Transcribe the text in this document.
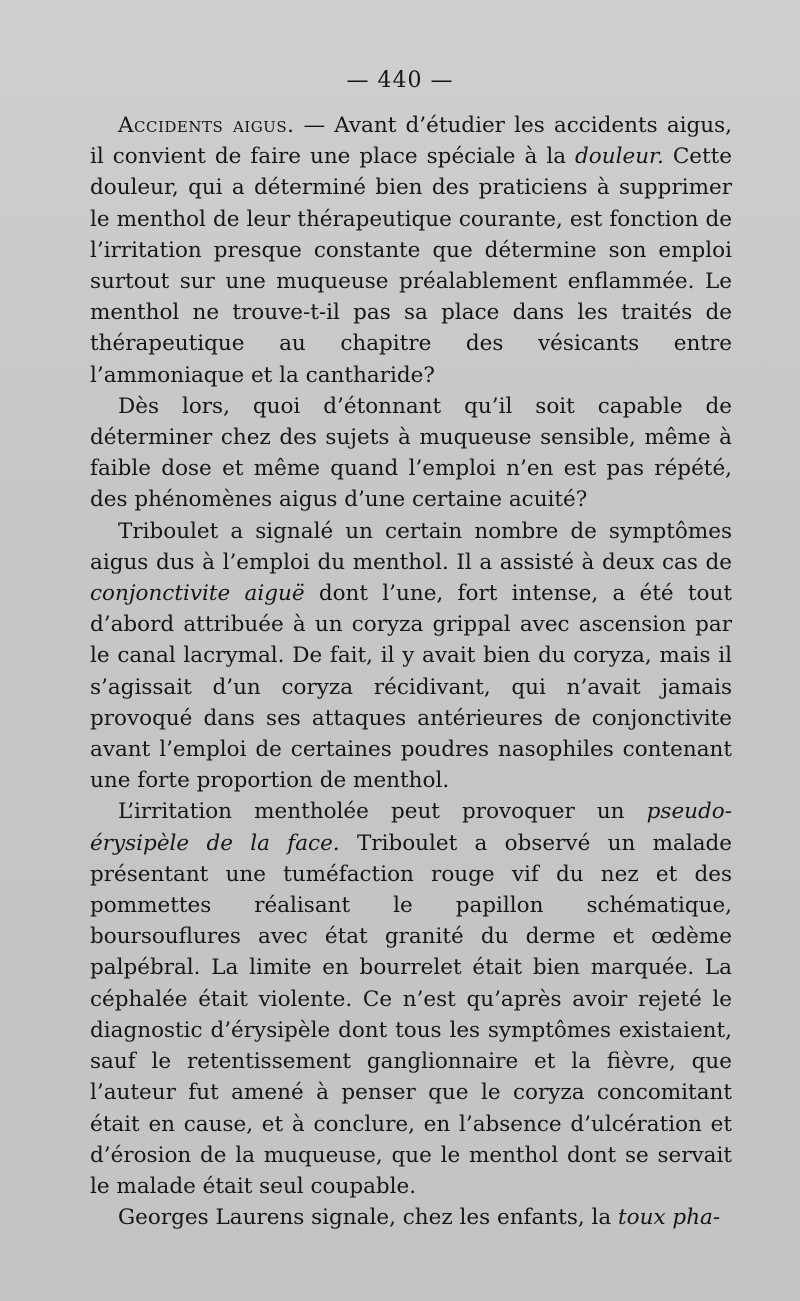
— 440 —

Accidents aigus. — Avant d’étudier les accidents aigus, il convient de faire une place spéciale à la douleur. Cette douleur, qui a déterminé bien des praticiens à supprimer le menthol de leur thérapeutique courante, est fonction de l’irritation presque constante que détermine son emploi surtout sur une muqueuse préalablement enflammée. Le menthol ne trouve-t-il pas sa place dans les traités de thérapeutique au chapitre des vésicants entre l’ammoniaque et la cantharide?

Dès lors, quoi d’étonnant qu’il soit capable de déterminer chez des sujets à muqueuse sensible, même à faible dose et même quand l’emploi n’en est pas répété, des phénomènes aigus d’une certaine acuité?

Triboulet a signalé un certain nombre de symptômes aigus dus à l’emploi du menthol. Il a assisté à deux cas de conjonctivite aiguë dont l’une, fort intense, a été tout d’abord attribuée à un coryza grippal avec ascension par le canal lacrymal. De fait, il y avait bien du coryza, mais il s’agissait d’un coryza récidivant, qui n’avait jamais provoqué dans ses attaques antérieures de conjonctivite avant l’emploi de certaines poudres nasophiles contenant une forte proportion de menthol.

L’irritation mentholée peut provoquer un pseudo-érysipèle de la face. Triboulet a observé un malade présentant une tuméfaction rouge vif du nez et des pommettes réalisant le papillon schématique, boursouflures avec état granité du derme et œdème palpébral. La limite en bourrelet était bien marquée. La céphalée était violente. Ce n’est qu’après avoir rejeté le diagnostic d’érysipèle dont tous les symptômes existaient, sauf le retentissement ganglionnaire et la fièvre, que l’auteur fut amené à penser que le coryza concomitant était en cause, et à conclure, en l’absence d’ulcération et d’érosion de la muqueuse, que le menthol dont se servait le malade était seul coupable.

Georges Laurens signale, chez les enfants, la toux pha-
